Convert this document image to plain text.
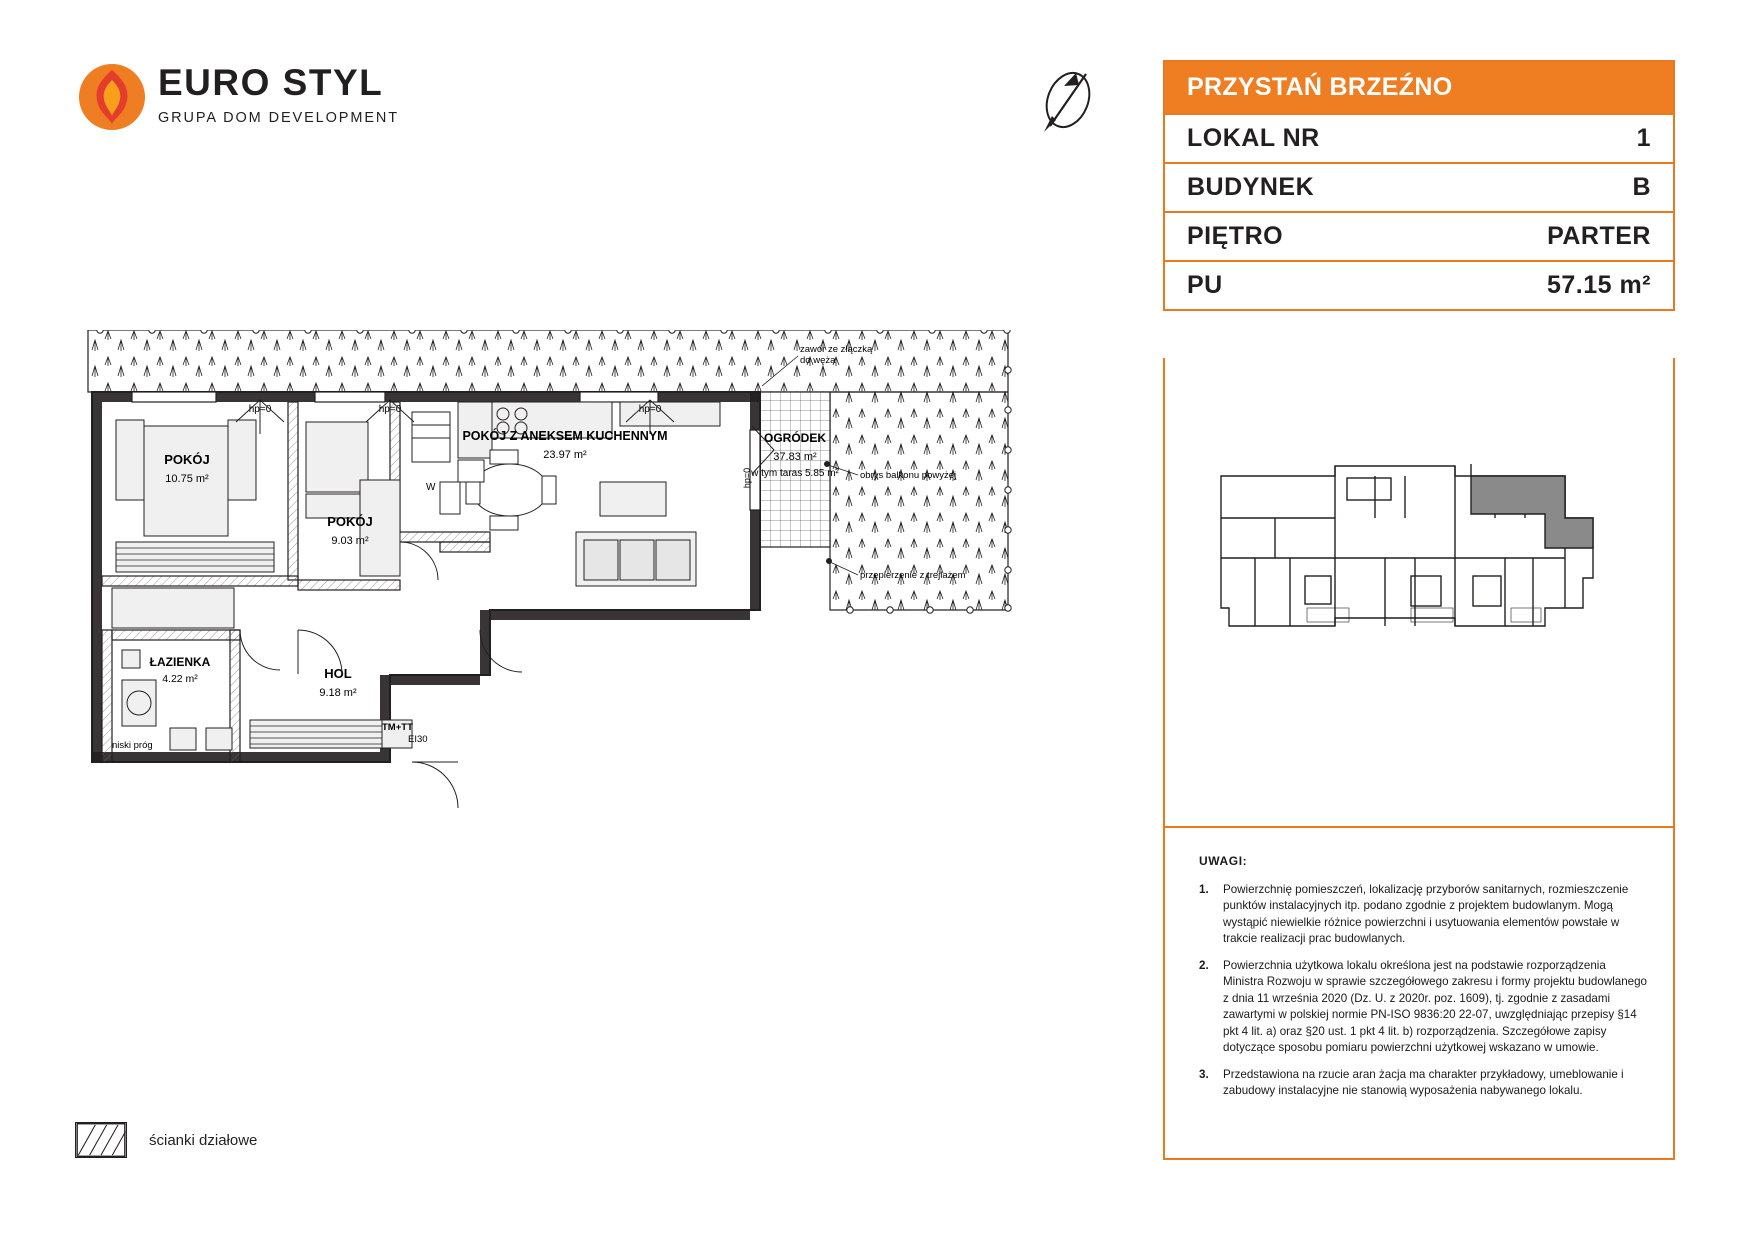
EURO STYL
GRUPA DOM DEVELOPMENT
PRZYSTAŃ BRZEŹNO
LOKAL NR	1
BUDYNEK	B
PIĘTRO	PARTER
PU	57.15 m²
UWAGI:
1.	Powierzchnię pomieszczeń, lokalizację przyborów sanitarnych, rozmieszczenie punktów instalacyjnych itp. podano zgodnie z projektem budowlanym. Mogą wystąpić niewielkie różnice powierzchni i usytuowania elementów powstałe w trakcie realizacji prac budowlanych.
2.	Powierzchnia użytkowa lokalu określona jest na podstawie rozporządzenia Ministra Rozwoju w sprawie szczegółowego zakresu i formy projektu budowlanego z dnia 11 września 2020 (Dz. U. z 2020r. poz. 1609), tj. zgodnie z zasadami zawartymi w polskiej normie PN-ISO 9836:20 22-07, uwzględniając przepisy §14 pkt 4 lit. a) oraz §20 ust. 1 pkt 4 lit. b) rozporządzenia. Szczegółowe zapisy dotyczące sposobu pomiaru powierzchni użytkowej wskazano w umowie.
3.	Przedstawiona na rzucie aran żacja ma charakter przykładowy, umeblowanie i zabudowy instalacyjne nie stanowią wyposażenia nabywanego lokalu.
ścianki działowe
POKÓJ
10.75 m²
POKÓJ
9.03 m²
POKÓJ Z ANEKSEM KUCHENNYM
23.97 m²
HOL
9.18 m²
ŁAZIENKA
4.22 m²
OGRÓDEK
37.83 m²
w tym taras 5.85 m²
hp=0	hp=0	hp=0
hp=0
zawór ze złączką
do węża
obrys balkonu powyżej
przepierzenie z trejlażem
niski próg
EI30
TM+TT
W
